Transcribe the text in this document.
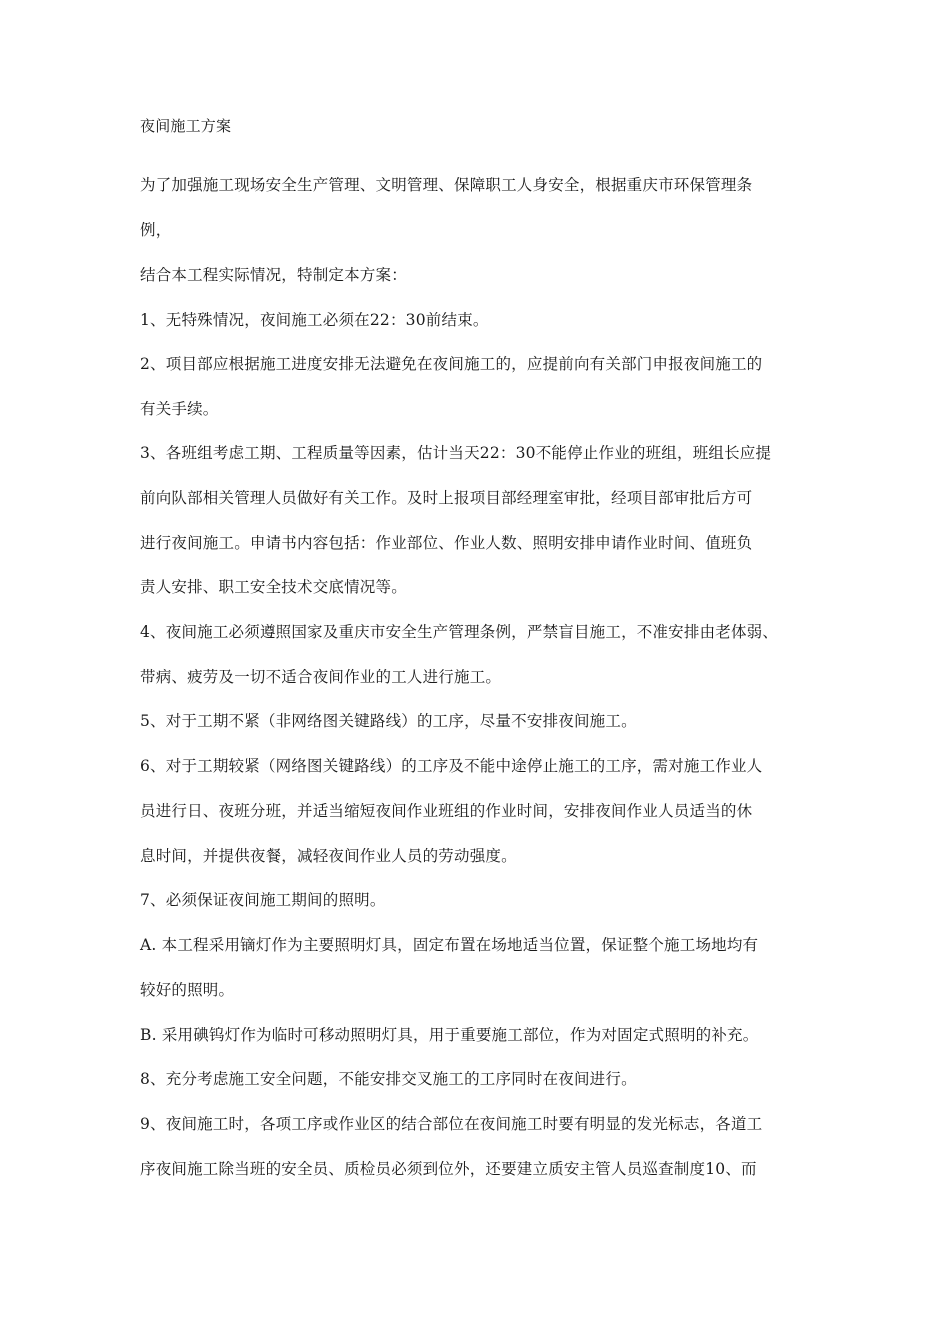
夜间施工方案
为了加强施工现场安全生产管理、文明管理、保障职工人身安全，根据重庆市环保管理条
例，
结合本工程实际情况，特制定本方案：
1、无特殊情况，夜间施工必须在22：30前结束。
2、项目部应根据施工进度安排无法避免在夜间施工的，应提前向有关部门申报夜间施工的
有关手续。
3、各班组考虑工期、工程质量等因素，估计当天22：30不能停止作业的班组，班组长应提
前向队部相关管理人员做好有关工作。及时上报项目部经理室审批，经项目部审批后方可
进行夜间施工。申请书内容包括：作业部位、作业人数、照明安排申请作业时间、值班负
责人安排、职工安全技术交底情况等。
4、夜间施工必须遵照国家及重庆市安全生产管理条例，严禁盲目施工，不准安排由老体弱、
带病、疲劳及一切不适合夜间作业的工人进行施工。
5、对于工期不紧（非网络图关键路线）的工序，尽量不安排夜间施工。
6、对于工期较紧（网络图关键路线）的工序及不能中途停止施工的工序，需对施工作业人
员进行日、夜班分班，并适当缩短夜间作业班组的作业时间，安排夜间作业人员适当的休
息时间，并提供夜餐，减轻夜间作业人员的劳动强度。
7、必须保证夜间施工期间的照明。
A. 本工程采用镝灯作为主要照明灯具，固定布置在场地适当位置，保证整个施工场地均有
较好的照明。
B. 采用碘钨灯作为临时可移动照明灯具，用于重要施工部位，作为对固定式照明的补充。
8、充分考虑施工安全问题，不能安排交叉施工的工序同时在夜间进行。
9、夜间施工时，各项工序或作业区的结合部位在夜间施工时要有明显的发光标志，各道工
序夜间施工除当班的安全员、质检员必须到位外，还要建立质安主管人员巡查制度10、而
